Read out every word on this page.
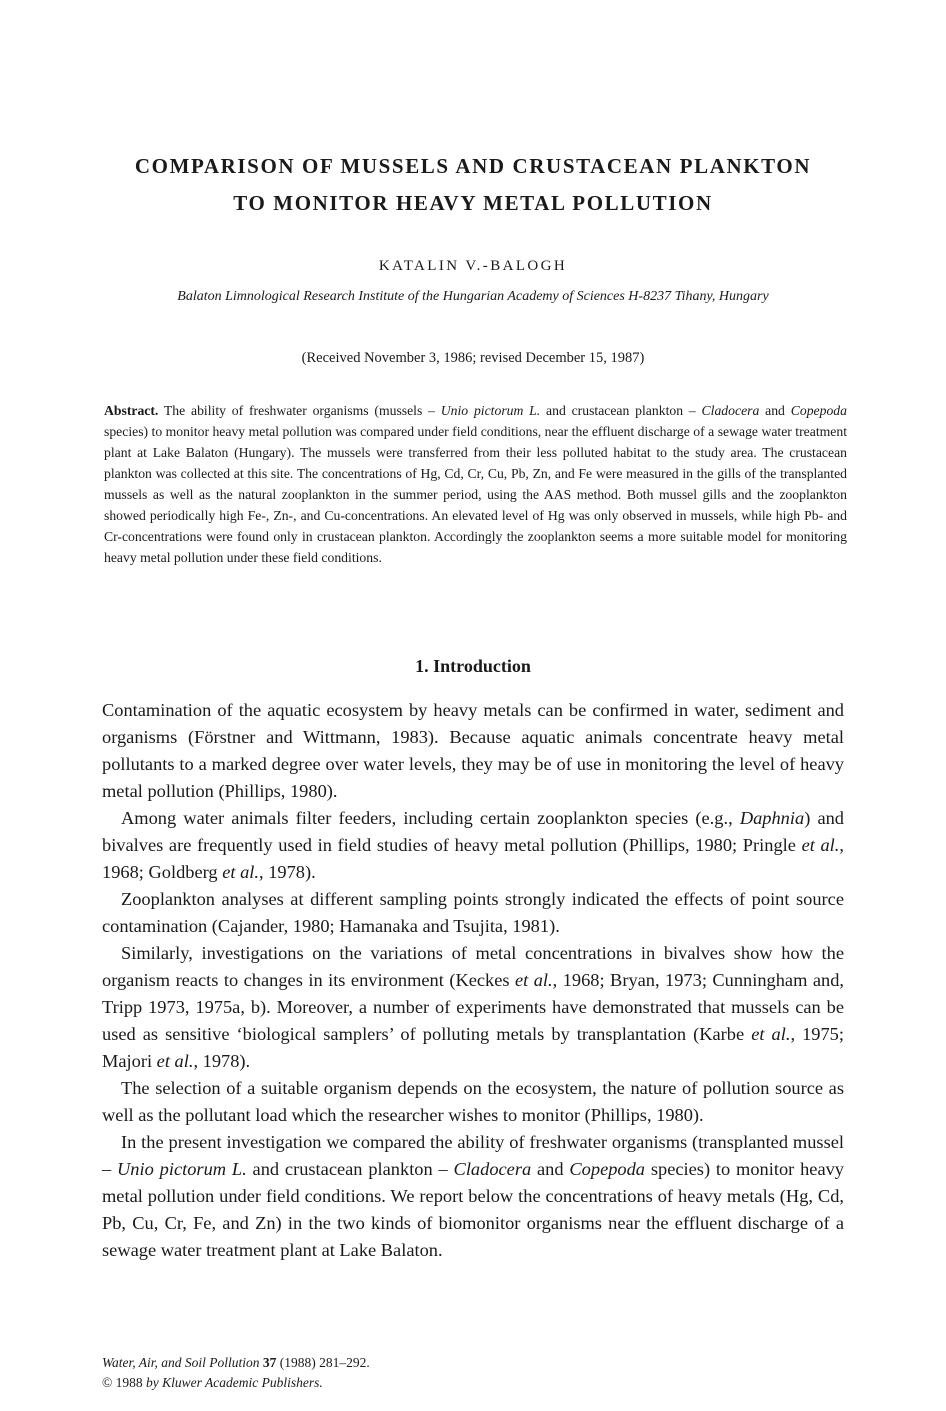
COMPARISON OF MUSSELS AND CRUSTACEAN PLANKTON
TO MONITOR HEAVY METAL POLLUTION
KATALIN V.-BALOGH
Balaton Limnological Research Institute of the Hungarian Academy of Sciences H-8237 Tihany, Hungary
(Received November 3, 1986; revised December 15, 1987)
Abstract. The ability of freshwater organisms (mussels – Unio pictorum L. and crustacean plankton – Cladocera and Copepoda species) to monitor heavy metal pollution was compared under field conditions, near the effluent discharge of a sewage water treatment plant at Lake Balaton (Hungary). The mussels were transferred from their less polluted habitat to the study area. The crustacean plankton was collected at this site. The concentrations of Hg, Cd, Cr, Cu, Pb, Zn, and Fe were measured in the gills of the transplanted mussels as well as the natural zooplankton in the summer period, using the AAS method. Both mussel gills and the zooplankton showed periodically high Fe-, Zn-, and Cu-concentrations. An elevated level of Hg was only observed in mussels, while high Pb- and Cr-concentrations were found only in crustacean plankton. Accordingly the zooplankton seems a more suitable model for monitoring heavy metal pollution under these field conditions.
1. Introduction

Contamination of the aquatic ecosystem by heavy metals can be confirmed in water, sediment and organisms (Förstner and Wittmann, 1983). Because aquatic animals concentrate heavy metal pollutants to a marked degree over water levels, they may be of use in monitoring the level of heavy metal pollution (Phillips, 1980).

Among water animals filter feeders, including certain zooplankton species (e.g., Daphnia) and bivalves are frequently used in field studies of heavy metal pollution (Phillips, 1980; Pringle et al., 1968; Goldberg et al., 1978).

Zooplankton analyses at different sampling points strongly indicated the effects of point source contamination (Cajander, 1980; Hamanaka and Tsujita, 1981).

Similarly, investigations on the variations of metal concentrations in bivalves show how the organism reacts to changes in its environment (Keckes et al., 1968; Bryan, 1973; Cunningham and, Tripp 1973, 1975a, b). Moreover, a number of experiments have demonstrated that mussels can be used as sensitive ‘biological samplers’ of polluting metals by transplantation (Karbe et al., 1975; Majori et al., 1978).

The selection of a suitable organism depends on the ecosystem, the nature of pollution source as well as the pollutant load which the researcher wishes to monitor (Phillips, 1980).

In the present investigation we compared the ability of freshwater organisms (transplanted mussel – Unio pictorum L. and crustacean plankton – Cladocera and Copepoda species) to monitor heavy metal pollution under field conditions. We report below the concentrations of heavy metals (Hg, Cd, Pb, Cu, Cr, Fe, and Zn) in the two kinds of biomonitor organisms near the effluent discharge of a sewage water treatment plant at Lake Balaton.

Water, Air, and Soil Pollution 37 (1988) 281–292.
© 1988 by Kluwer Academic Publishers.
